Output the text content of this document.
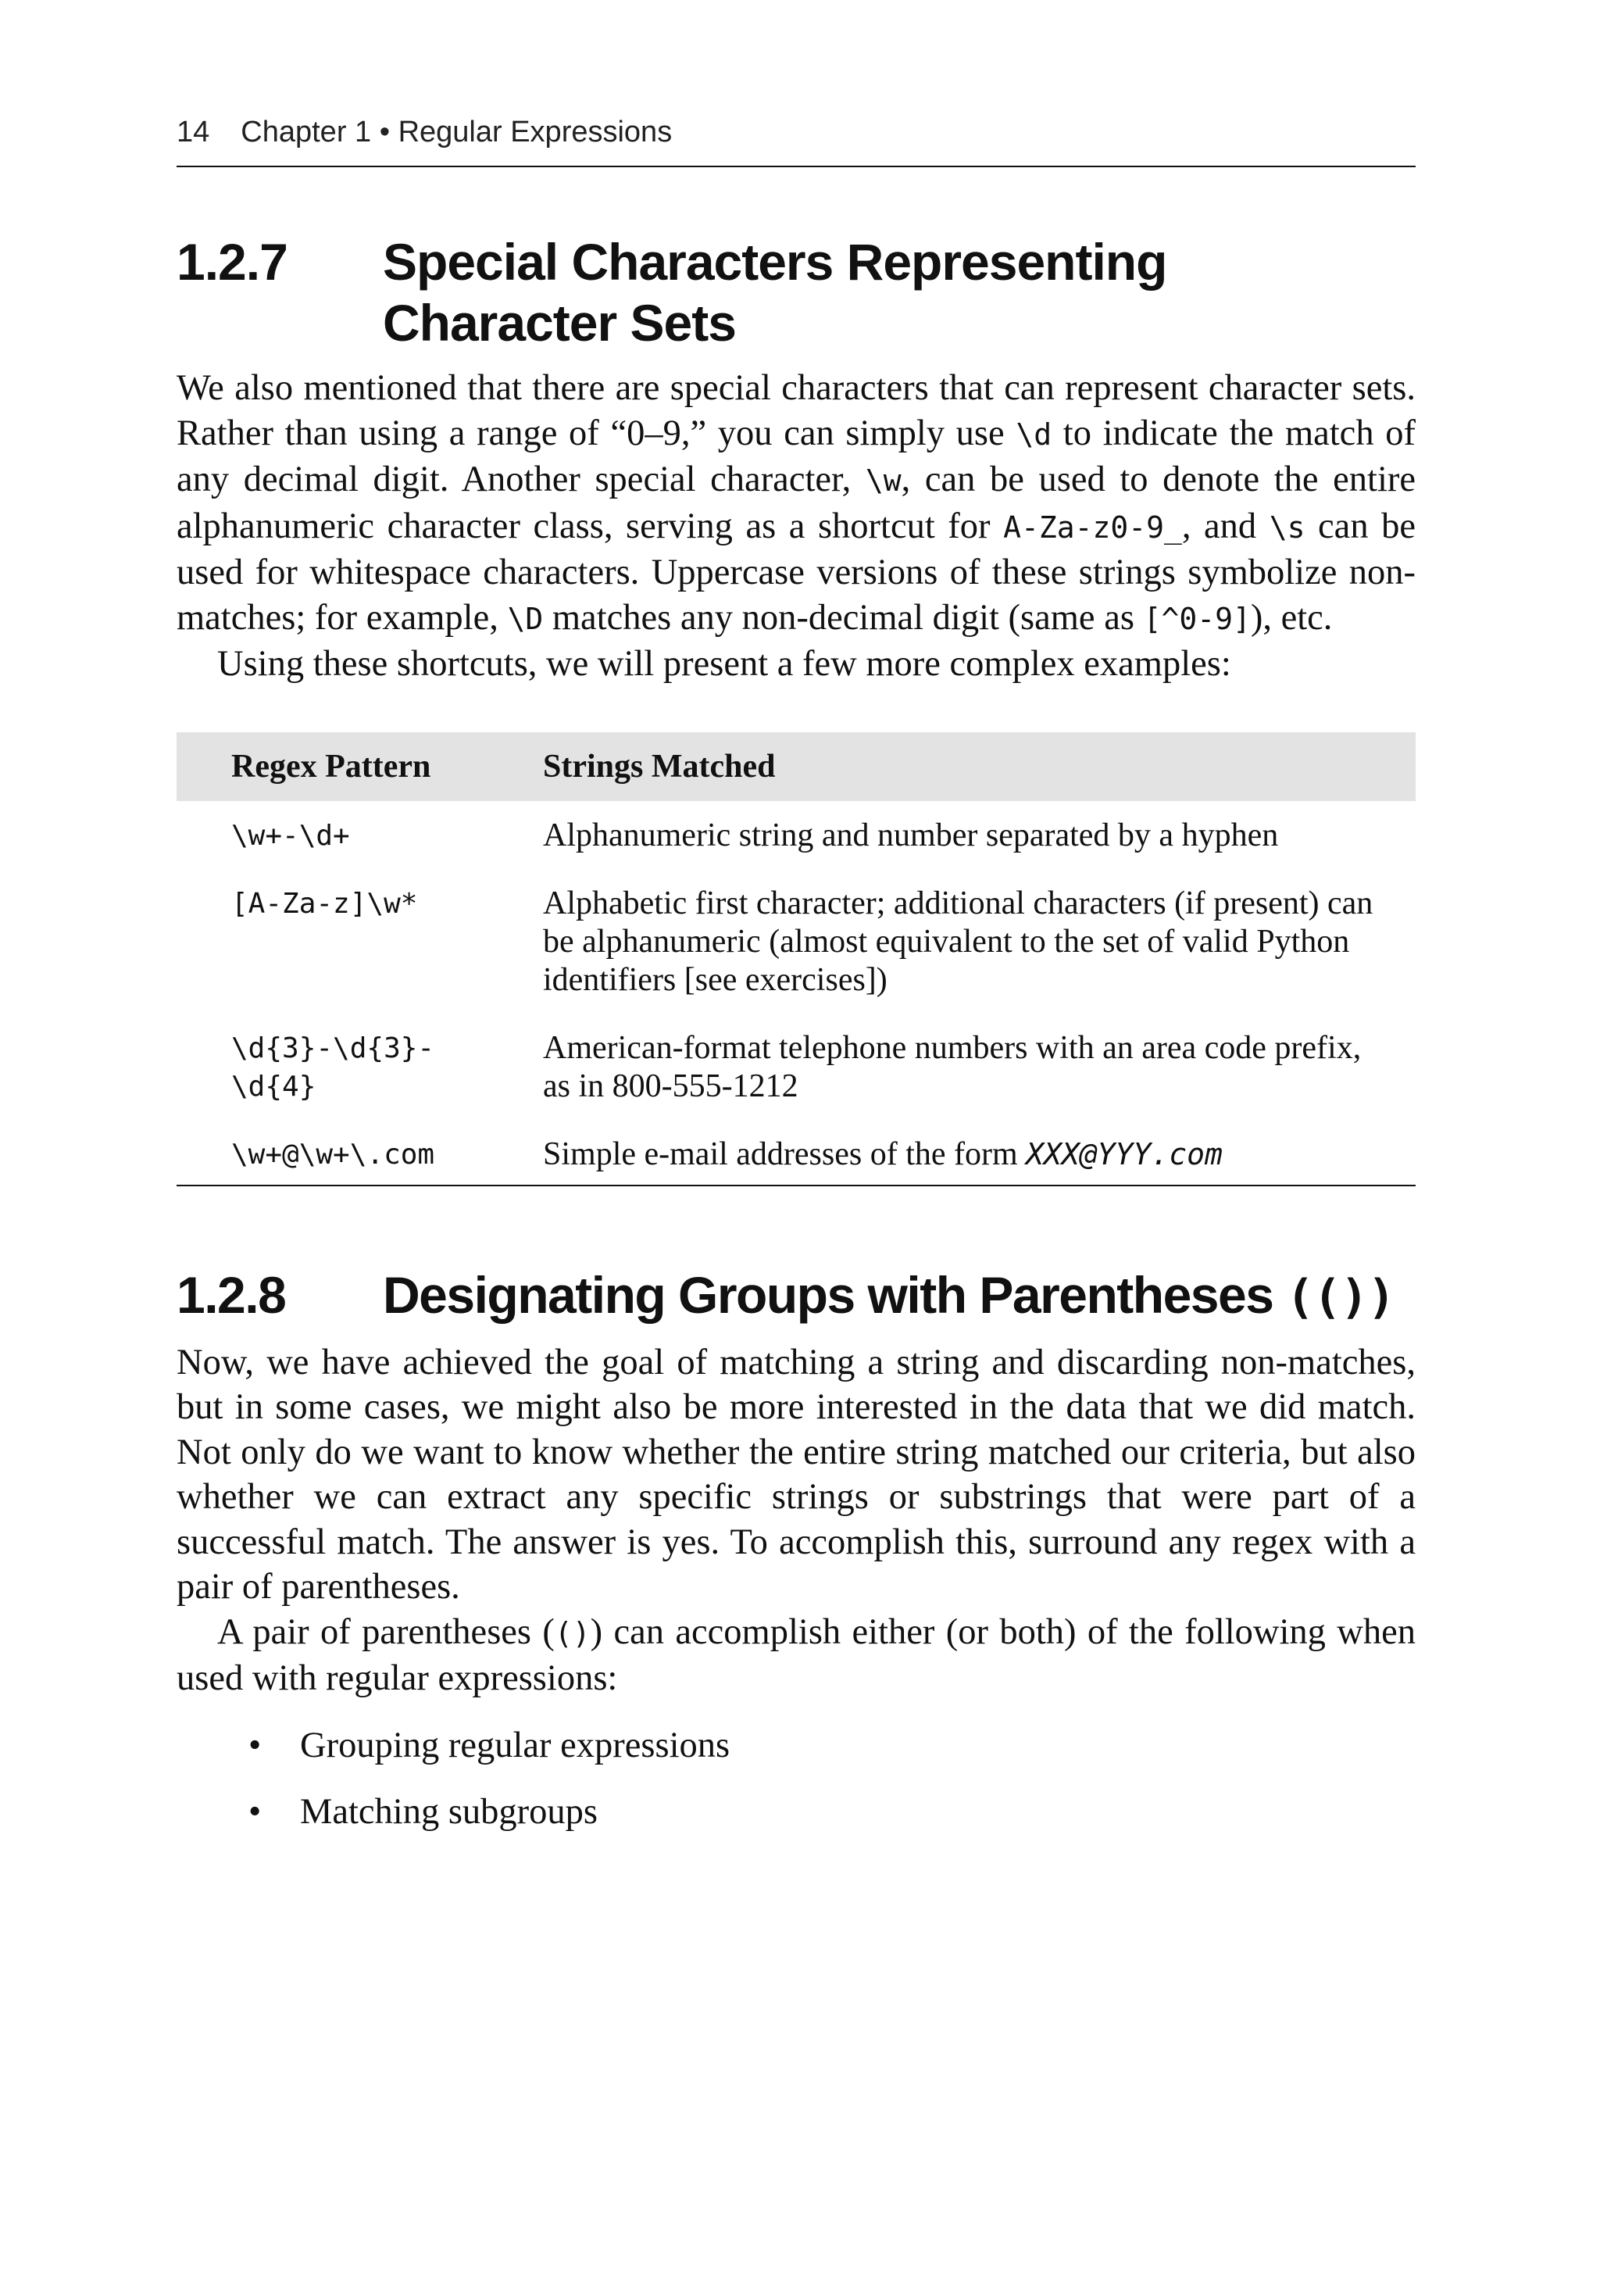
14 Chapter 1 • Regular Expressions
1.2.7	Special Characters Representing
Character Sets

We also mentioned that there are special characters that can represent character sets. Rather than using a range of “0–9,” you can simply use \d to indicate the match of any decimal digit. Another special character, \w, can be used to denote the entire alphanumeric character class, serving as a shortcut for A-Za-z0-9_, and \s can be used for whitespace characters. Uppercase versions of these strings symbolize non-matches; for example, \D matches any non-decimal digit (same as [^0-9]), etc.

Using these shortcuts, we will present a few more complex examples:

Regex Pattern	Strings Matched
\w+-\d+	Alphanumeric string and number separated by a hyphen
[A-Za-z]\w*	Alphabetic first character; additional characters (if present) can be alphanumeric (almost equivalent to the set of valid Python identifiers [see exercises])

\d{3}-\d{3}-
\d{4}	American-format telephone numbers with an area code prefix, as in 800-555-1212
\w+@\w+\.com	Simple e-mail addresses of the form XXX@YYY.com
1.2.8	Designating Groups with Parentheses (())

Now, we have achieved the goal of matching a string and discarding non-matches, but in some cases, we might also be more interested in the data that we did match. Not only do we want to know whether the entire string matched our criteria, but also whether we can extract any specific strings or substrings that were part of a successful match. The answer is yes. To accomplish this, surround any regex with a pair of parentheses.

A pair of parentheses (()) can accomplish either (or both) of the following when used with regular expressions:

• Grouping regular expressions
• Matching subgroups
